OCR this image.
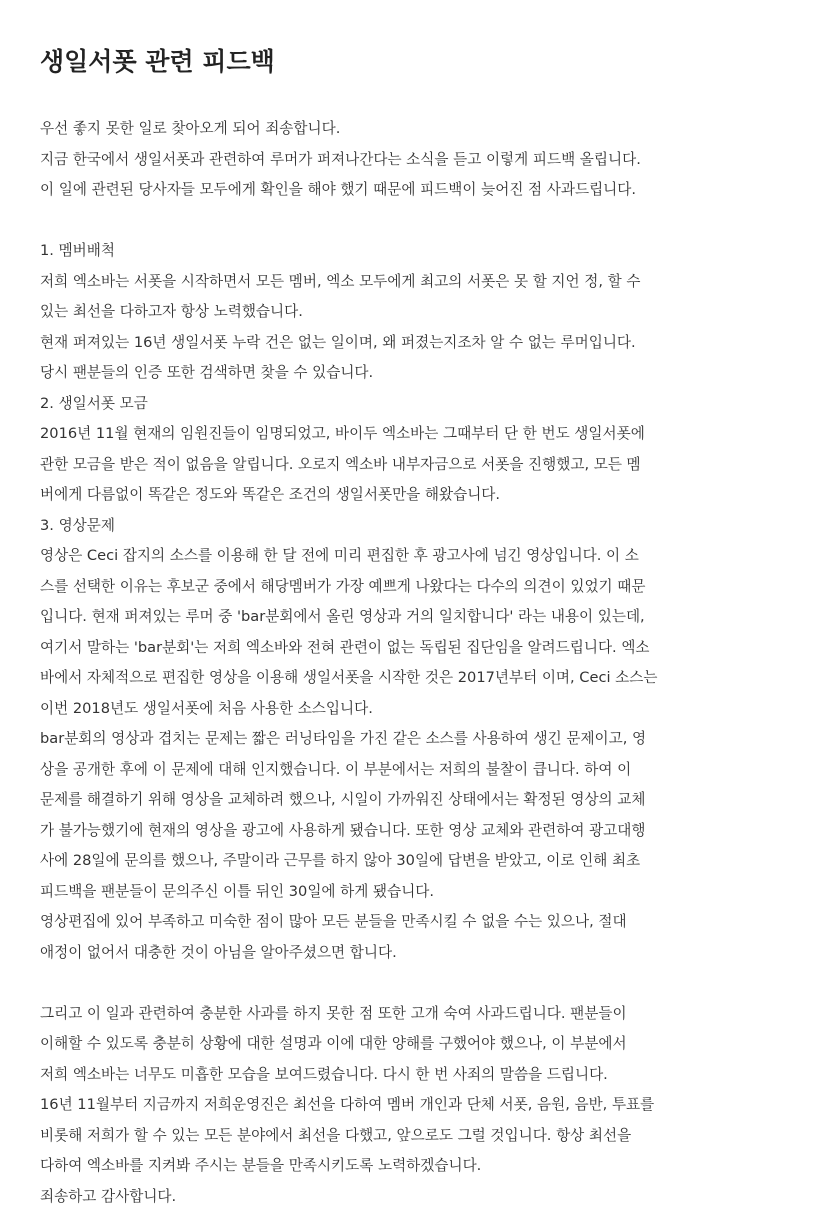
생일서폿 관련 피드백
우선 좋지 못한 일로 찾아오게 되어 죄송합니다.
지금 한국에서 생일서폿과 관련하여 루머가 퍼져나간다는 소식을 듣고 이렇게 피드백 올립니다.
이 일에 관련된 당사자들 모두에게 확인을 해야 했기 때문에 피드백이 늦어진 점 사과드립니다.
1. 멤버배척
저희 엑소바는 서폿을 시작하면서 모든 멤버, 엑소 모두에게 최고의 서폿은 못 할 지언 정, 할 수
있는 최선을 다하고자 항상 노력했습니다.
현재 퍼져있는 16년 생일서폿 누락 건은 없는 일이며, 왜 퍼졌는지조차 알 수 없는 루머입니다.
당시 팬분들의 인증 또한 검색하면 찾을 수 있습니다.
2. 생일서폿 모금
2016년 11월 현재의 임원진들이 임명되었고, 바이두 엑소바는 그때부터 단 한 번도 생일서폿에
관한 모금을 받은 적이 없음을 알립니다. 오로지 엑소바 내부자금으로 서폿을 진행했고, 모든 멤
버에게 다름없이 똑같은 정도와 똑같은 조건의 생일서폿만을 해왔습니다.
3. 영상문제
영상은 Ceci 잡지의 소스를 이용해 한 달 전에 미리 편집한 후 광고사에 넘긴 영상입니다. 이 소
스를 선택한 이유는 후보군 중에서 해당멤버가 가장 예쁘게 나왔다는 다수의 의견이 있었기 때문
입니다. 현재 퍼져있는 루머 중 'bar분회에서 올린 영상과 거의 일치합니다' 라는 내용이 있는데,
여기서 말하는 'bar분회'는 저희 엑소바와 전혀 관련이 없는 독립된 집단임을 알려드립니다. 엑소
바에서 자체적으로 편집한 영상을 이용해 생일서폿을 시작한 것은 2017년부터 이며, Ceci 소스는
이번 2018년도 생일서폿에 처음 사용한 소스입니다.
bar분회의 영상과 겹치는 문제는 짧은 러닝타임을 가진 같은 소스를 사용하여 생긴 문제이고, 영
상을 공개한 후에 이 문제에 대해 인지했습니다. 이 부분에서는 저희의 불찰이 큽니다. 하여 이
문제를 해결하기 위해 영상을 교체하려 했으나, 시일이 가까워진 상태에서는 확정된 영상의 교체
가 불가능했기에 현재의 영상을 광고에 사용하게 됐습니다. 또한 영상 교체와 관련하여 광고대행
사에 28일에 문의를 했으나, 주말이라 근무를 하지 않아 30일에 답변을 받았고, 이로 인해 최초
피드백을 팬분들이 문의주신 이틀 뒤인 30일에 하게 됐습니다.
영상편집에 있어 부족하고 미숙한 점이 많아 모든 분들을 만족시킬 수 없을 수는 있으나, 절대
애정이 없어서 대충한 것이 아님을 알아주셨으면 합니다.
그리고 이 일과 관련하여 충분한 사과를 하지 못한 점 또한 고개 숙여 사과드립니다. 팬분들이
이해할 수 있도록 충분히 상황에 대한 설명과 이에 대한 양해를 구했어야 했으나, 이 부분에서
저희 엑소바는 너무도 미흡한 모습을 보여드렸습니다. 다시 한 번 사죄의 말씀을 드립니다.
16년 11월부터 지금까지 저희운영진은 최선을 다하여 멤버 개인과 단체 서폿, 음원, 음반, 투표를
비롯해 저희가 할 수 있는 모든 분야에서 최선을 다했고, 앞으로도 그럴 것입니다. 항상 최선을
다하여 엑소바를 지켜봐 주시는 분들을 만족시키도록 노력하겠습니다.
죄송하고 감사합니다.
